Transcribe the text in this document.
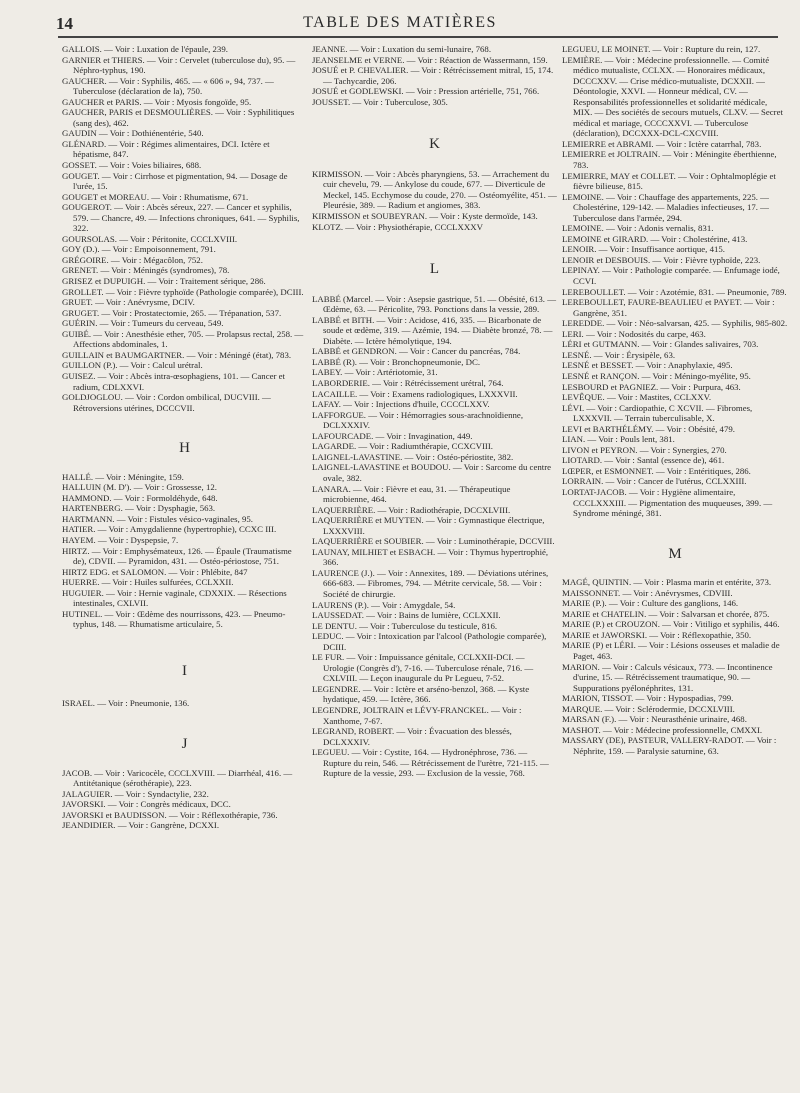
14	TABLE DES MATIÈRES

GALLOIS. — Voir : Luxation de l'épaule, 239.

GARNIER et THIERS. — Voir : Cervelet (tuberculose du), 95. — Néphro-typhus, 190.

GAUCHER. — Voir : Syphilis, 465. — « 606 », 94, 737. — Tuberculose (déclaration de la), 750.

GAUCHER et PARIS. — Voir : Myosis fongoïde, 95.

GAUCHER, PARIS et DESMOULIÈRES. — Voir : Syphilitiques (sang des), 462.

GAUDIN — Voir : Dothiénentérie, 540.

GLÉNARD. — Voir : Régimes alimentaires, DCI. Ictère et hépatisme, 847.

GOSSET. — Voir : Voies biliaires, 688.

GOUGET. — Voir : Cirrhose et pigmentation, 94. — Dosage de l'urée, 15.

GOUGET et MOREAU. — Voir : Rhumatisme, 671.

GOUGEROT. — Voir : Abcès séreux, 227. — Cancer et syphilis, 579. — Chancre, 49. — Infections chroniques, 641. — Syphilis, 322.

GOURSOLAS. — Voir : Péritonite, CCCLXVIII.

GOY (D.). — Voir : Empoisonnement, 791.

GRÉGOIRE. — Voir : Mégacôlon, 752.

GRENET. — Voir : Méningés (syndromes), 78.

GRISEZ et DUPUIGH. — Voir : Traitement sérique, 286.

GROLLET. — Voir : Fièvre typhoïde (Pathologie comparée), DCIII.

GRUET. — Voir : Anévrysme, DCIV.

GRUGET. — Voir : Prostatectomie, 265. — Trépanation, 537.

GUÉRIN. — Voir : Tumeurs du cerveau, 549.

GUIBÉ. — Voir : Anesthésie ether, 705. — Prolapsus rectal, 258. — Affections abdominales, 1.

GUILLAIN et BAUMGARTNER. — Voir : Méningé (état), 783.

GUILLON (P.). — Voir : Calcul urétral.

GUISEZ. — Voir : Abcès intra-œsophagiens, 101. — Cancer et radium, CDLXXVI.

GOLDJOGLOU. — Voir : Cordon ombilical, DUCVIII. — Rétroversions utérines, DCCCVII.

H

HALLÉ. — Voir : Méningite, 159.

HALLUIN (M. D'). — Voir : Grossesse, 12.

HAMMOND. — Voir : Formoldéhyde, 648.

HARTENBERG. — Voir : Dysphagie, 563.

HARTMANN. — Voir : Fistules vésico-vaginales, 95.

HATIER. — Voir : Amygdalienne (hypertrophie), CCXC III.

HAYEM. — Voir : Dyspepsie, 7.

HIRTZ. — Voir : Emphysémateux, 126. — Épaule (Traumatisme de), CDVII. — Pyramidon, 431. — Ostéo-périostose, 751.

HIRTZ EDG. et SALOMON. — Voir : Phlébite, 847

HUERRE. — Voir : Huiles sulfurées, CCLXXII.

HUGUIER. — Voir : Hernie vaginale, CDXXIX. — Résections intestinales, CXLVII.

HUTINEL. — Voir : Œdème des nourrissons, 423. — Pneumo-typhus, 148. — Rhumatisme articulaire, 5.

I

ISRAEL. — Voir : Pneumonie, 136.

J

JACOB. — Voir : Varicocèle, CCCLXVIII. — Diarrhéal, 416. — Antitétanique (sérothérapie), 223.

JALAGUIER. — Voir : Syndactylie, 232.

JAVORSKI. — Voir : Congrès médicaux, DCC.

JAVORSKI et BAUDISSON. — Voir : Réflexothérapie, 736.

JEANDIDIER. — Voir : Gangrène, DCXXI.

JEANNE. — Voir : Luxation du semi-lunaire, 768.

JEANSELME et VERNE. — Voir : Réaction de Wassermann, 159.

JOSUÉ et P. CHEVALIER. — Voir : Rétrécissement mitral, 15, 174. — Tachycardie, 206.

JOSUÉ et GODLEWSKI. — Voir : Pression artérielle, 751, 766.

JOUSSET. — Voir : Tuberculose, 305.

K

KIRMISSON. — Voir : Abcès pharyngiens, 53. — Arrachement du cuir chevelu, 79. — Ankylose du coude, 677. — Diverticule de Meckel, 145. Ecchymose du coude, 270. — Ostéomyélite, 451. — Pleurésie, 389. — Radium et angiomes, 383.

KIRMISSON et SOUBEYRAN. — Voir : Kyste dermoïde, 143.

KLOTZ. — Voir : Physiothérapie, CCCLXXXV

L

LABBÉ (Marcel. — Voir : Asepsie gastrique, 51. — Obésité, 613. — Œdème, 63. — Péricolite, 793. Ponctions dans la vessie, 289.

LABBÉ et BITH. — Voir : Acidose, 416, 335. — Bicarbonate de soude et œdème, 319. — Azémie, 194. — Diabète bronzé, 78. — Diabète. — Ictère hémolytique, 194.

LABBÉ et GENDRON. — Voir : Cancer du pancréas, 784.

LABBÉ (R). — Voir : Bronchopneumonie, DC.

LABEY. — Voir : Artériotomie, 31.

LABORDERIE. — Voir : Rétrécissement urétral, 764.

LACAILLE. — Voir : Examens radiologiques, LXXXVII.

LAFAY. — Voir : Injections d'huile, CCCCLXXV.

LAFFORGUE. — Voir : Hémorragies sous-arachnoïdienne, DCLXXXIV.

LAFOURCADE. — Voir : Invagination, 449.

LAGARDE. — Voir : Radiumthérapie, CCXCVIII.

LAIGNEL-LAVASTINE. — Voir : Ostéo-périostite, 382.

LAIGNEL-LAVASTINE et BOUDOU. — Voir : Sarcome du centre ovale, 382.

LANARA. — Voir : Fièvre et eau, 31. — Thérapeutique microbienne, 464.

LAQUERRIÈRE. — Voir : Radiothérapie, DCCXLVIII.

LAQUERRIÈRE et MUYTEN. — Voir : Gymnastique électrique, LXXXVIII.

LAQUERRIÈRE et SOUBIER. — Voir : Luminothérapie, DCCVIII.

LAUNAY, MILHIET et ESBACH. — Voir : Thymus hypertrophié, 366.

LAURENCE (J.). — Voir : Annexites, 189. — Déviations utérines, 666-683. — Fibromes, 794. — Métrite cervicale, 58. — Voir : Société de chirurgie.

LAURENS (P.). — Voir : Amygdale, 54.

LAUSSEDAT. — Voir : Bains de lumière, CCLXXII.

LE DENTU. — Voir : Tuberculose du testicule, 816.

LEDUC. — Voir : Intoxication par l'alcool (Pathologie comparée), DCIII.

LE FUR. — Voir : Impuissance génitale, CCLXXII-DCI. — Urologie (Congrès d'), 7-16. — Tuberculose rénale, 716. — CXLVIII. — Leçon inaugurale du Pr Legueu, 7-52.

LEGENDRE. — Voir : Ictère et arséno-benzol, 368. — Kyste hydatique, 459. — Ictère, 366.

LEGENDRE, JOLTRAIN et LÉVY-FRANCKEL. — Voir : Xanthome, 7-67.

LEGRAND, ROBERT. — Voir : Évacuation des blessés, DCLXXXIV.

LEGUEU. — Voir : Cystite, 164. — Hydronéphrose, 736. — Rupture du rein, 546. — Rétrécissement de l'urètre, 721-115. — Rupture de la vessie, 293. — Exclusion de la vessie, 768.

LEGUEU, LE MOINET. — Voir : Rupture du rein, 127.

LEMIÈRE. — Voir : Médecine professionnelle. — Comité médico mutualiste, CCLXX. — Honoraires médicaux, DCCCXXV. — Crise médico-mutualiste, DCXXII. — Déontologie, XXVI. — Honneur médical, CV. — Responsabilités professionnelles et solidarité médicale, MIX. — Des sociétés de secours mutuels, CLXV. — Secret médical et mariage, CCCCXXVI. — Tuberculose (déclaration), DCCXXX-DCL-CXCVIII.

LEMIERRE et ABRAMI. — Voir : Ictère catarrhal, 783.

LEMIERRE et JOLTRAIN. — Voir : Méningite éberthienne, 783.

LEMIERRE, MAY et COLLET. — Voir : Ophtalmoplégie et fièvre bilieuse, 815.

LEMOINE. — Voir : Chauffage des appartements, 225. — Cholestérine, 129-142. — Maladies infectieuses, 17. — Tuberculose dans l'armée, 294.

LEMOINE. — Voir : Adonis vernalis, 831.

LEMOINE et GIRARD. — Voir : Cholestérine, 413.

LENOIR. — Voir : Insuffisance aortique, 415.

LENOIR et DESBOUIS. — Voir : Fièvre typhoïde, 223.

LEPINAY. — Voir : Pathologie comparée. — Enfumage iodé, CCVI.

LEREBOULLET. — Voir : Azotémie, 831. — Pneumonie, 789.

LEREBOULLET, FAURE-BEAULIEU et PAYET. — Voir : Gangrène, 351.

LEREDDE. — Voir : Néo-salvarsan, 425. — Syphilis, 985-802.

LERI. — Voir : Nodosités du carpe, 463.

LÉRI et GUTMANN. — Voir : Glandes salivaires, 703.

LESNÉ. — Voir : Érysipèle, 63.

LESNÉ et BESSET. — Voir : Anaphylaxie, 495.

LESNÉ et RANÇON. — Voir : Méningo-myélite, 95.

LESBOURD et PAGNIEZ. — Voir : Purpura, 463.

LEVÊQUE. — Voir : Mastites, CCLXXV.

LÉVI. — Voir : Cardiopathie, C XCVII. — Fibromes, LXXXVII. — Terrain tuberculisable, X.

LEVI et BARTHÉLÉMY. — Voir : Obésité, 479.

LIAN. — Voir : Pouls lent, 381.

LIVON et PEYRON. — Voir : Synergies, 270.

LIOTARD. — Voir : Santal (essence de), 461.

LŒPER, et ESMONNET. — Voir : Entéritiques, 286.

LORRAIN. — Voir : Cancer de l'utérus, CCLXXIII.

LORTAT-JACOB. — Voir : Hygiène alimentaire, CCCLXXXIII. — Pigmentation des muqueuses, 399. — Syndrome méningé, 381.

M

MAGÉ, QUINTIN. — Voir : Plasma marin et entérite, 373.

MAISSONNET. — Voir : Anévrysmes, CDVIII.

MARIE (P.). — Voir : Culture des ganglions, 146.

MARIE et CHATELIN. — Voir : Salvarsan et chorée, 875.

MARIE (P.) et CROUZON. — Voir : Vitiligo et syphilis, 446.

MARIE et JAWORSKI. — Voir : Réflexopathie, 350.

MARIE (P) et LÉRI. — Voir : Lésions osseuses et maladie de Paget, 463.

MARION. — Voir : Calculs vésicaux, 773. — Incontinence d'urine, 15. — Rétrécissement traumatique, 90. — Suppurations pyélonéphrites, 131.

MARION, TISSOT. — Voir : Hypospadias, 799.

MARQUE. — Voir : Sclérodermie, DCCXLVIII.

MARSAN (F.). — Voir : Neurasthénie urinaire, 468.

MASHOT. — Voir : Médecine professionnelle, CMXXI.

MASSARY (DE), PASTEUR, VALLERY-RADOT. — Voir : Néphrite, 159. — Paralysie saturnine, 63.
